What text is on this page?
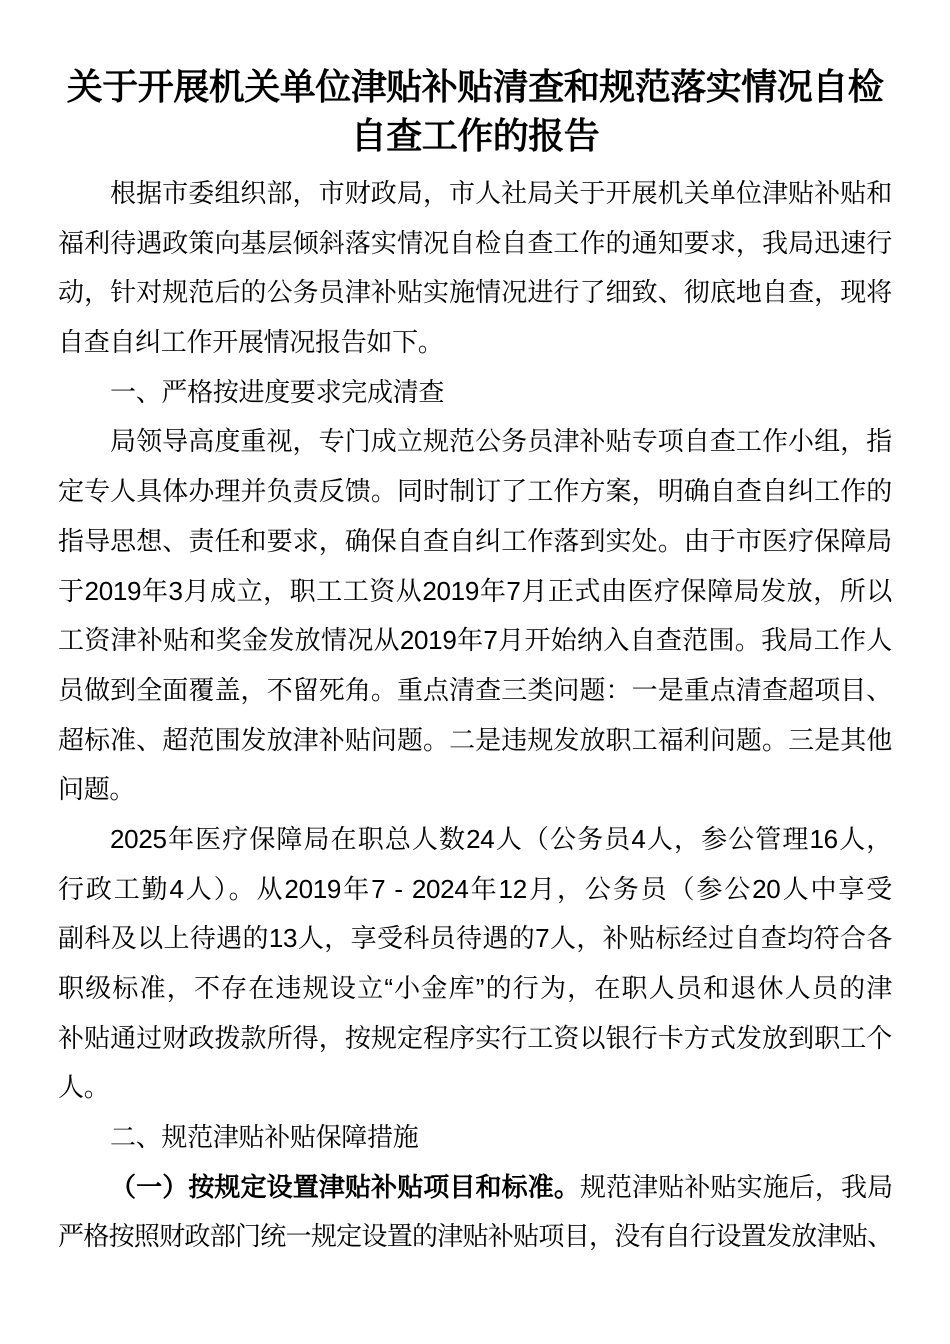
关于开展机关单位津贴补贴清查和规范落实情况自检
自查工作的报告
根据市委组织部，市财政局，市人社局关于开展机关单位津贴补贴和
福利待遇政策向基层倾斜落实情况自检自查工作的通知要求，我局迅速行
动，针对规范后的公务员津补贴实施情况进行了细致、彻底地自查，现将
自查自纠工作开展情况报告如下。
一、严格按进度要求完成清查
局领导高度重视，专门成立规范公务员津补贴专项自查工作小组，指
定专人具体办理并负责反馈。同时制订了工作方案，明确自查自纠工作的
指导思想、责任和要求，确保自查自纠工作落到实处。由于市医疗保障局
于2019年3月成立，职工工资从2019年7月正式由医疗保障局发放，所以
工资津补贴和奖金发放情况从2019年7月开始纳入自查范围。我局工作人
员做到全面覆盖，不留死角。重点清查三类问题：一是重点清查超项目、
超标准、超范围发放津补贴问题。二是违规发放职工福利问题。三是其他
问题。
2025年医疗保障局在职总人数24人（公务员4人，参公管理16人，
行政工勤4人）。从2019年7 - 2024年12月，公务员（参公20人中享受
副科及以上待遇的13人，享受科员待遇的7人，补贴标经过自查均符合各
职级标准，不存在违规设立“小金库”的行为，在职人员和退休人员的津
补贴通过财政拨款所得，按规定程序实行工资以银行卡方式发放到职工个
人。
二、规范津贴补贴保障措施
（一）按规定设置津贴补贴项目和标准。规范津贴补贴实施后，我局
严格按照财政部门统一规定设置的津贴补贴项目，没有自行设置发放津贴、
